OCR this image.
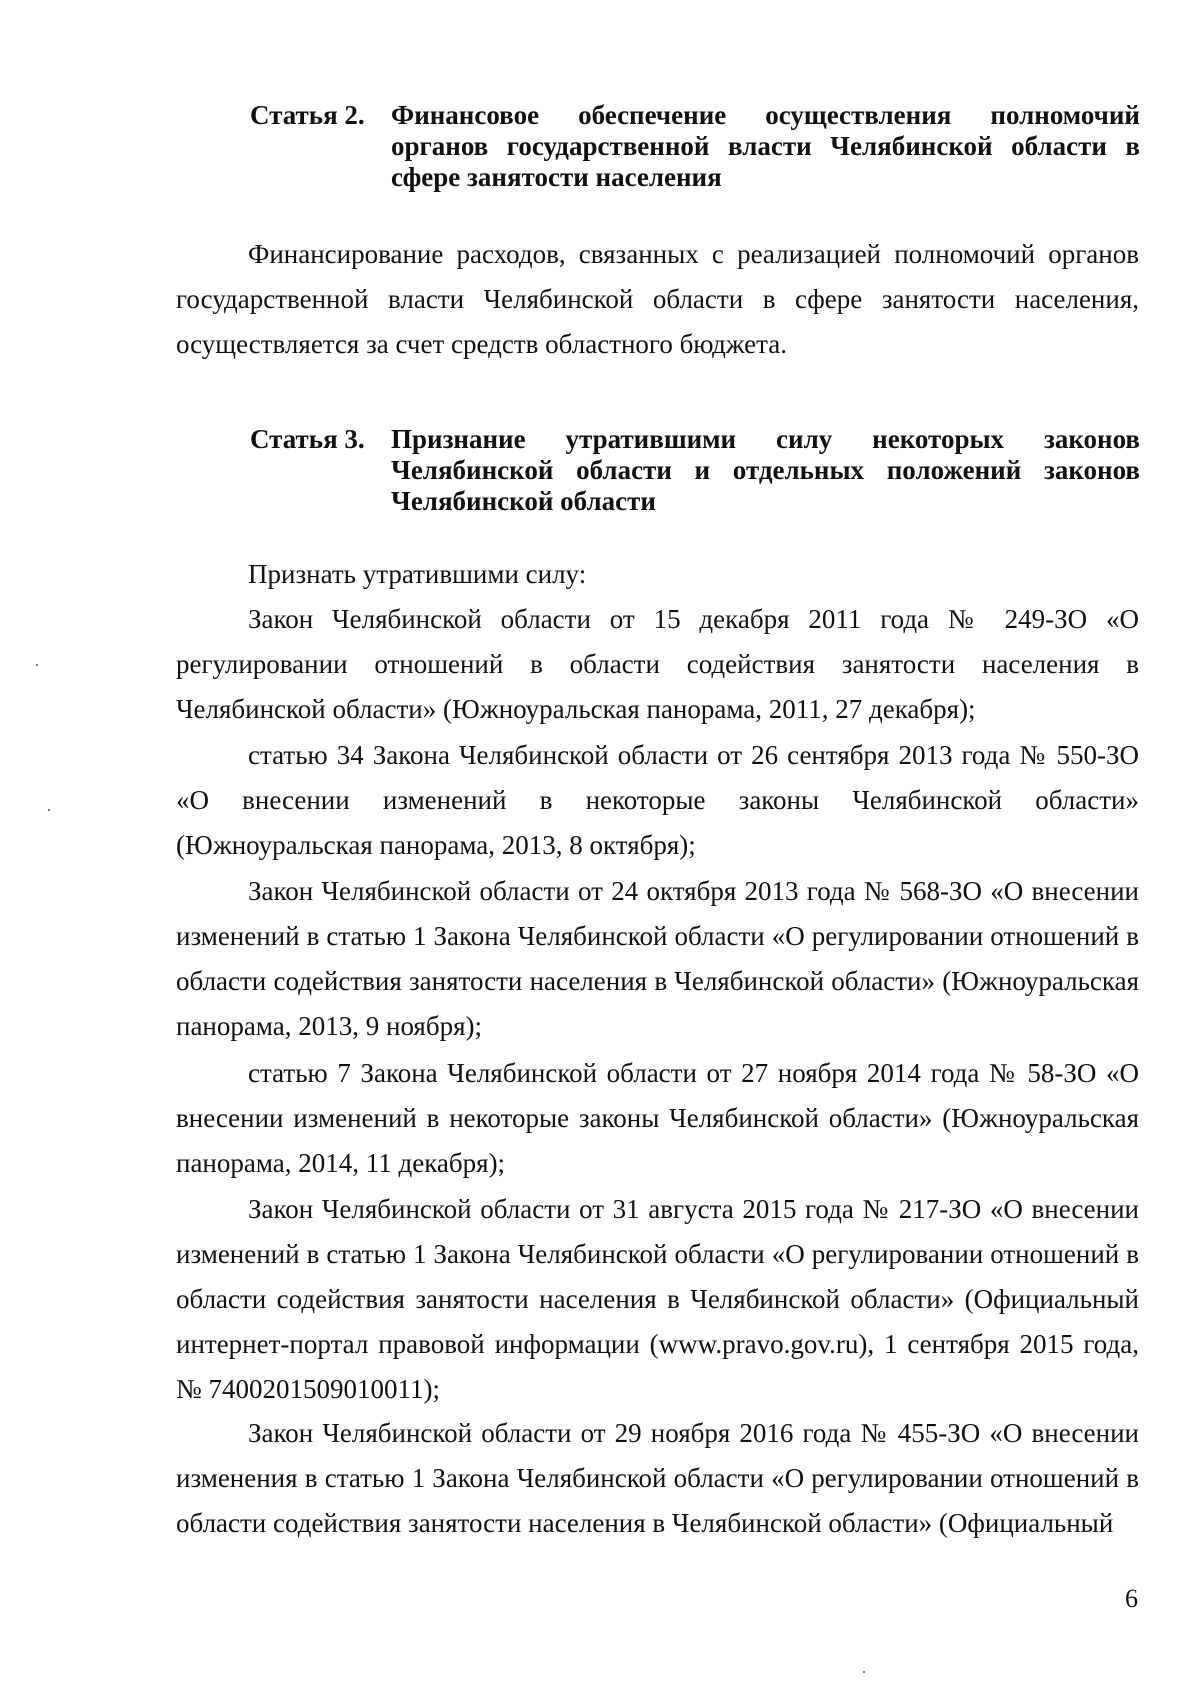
Статья 2. Финансовое обеспечение осуществления полномочий органов государственной власти Челябинской области в сфере занятости населения

Финансирование расходов, связанных с реализацией полномочий органов государственной власти Челябинской области в сфере занятости населения, осуществляется за счет средств областного бюджета.

Статья 3. Признание утратившими силу некоторых законов Челябинской области и отдельных положений законов Челябинской области

Признать утратившими силу:

Закон Челябинской области от 15 декабря 2011 года № 249-ЗО «О регулировании отношений в области содействия занятости населения в Челябинской области» (Южноуральская панорама, 2011, 27 декабря);

статью 34 Закона Челябинской области от 26 сентября 2013 года № 550-ЗО «О внесении изменений в некоторые законы Челябинской области» (Южноуральская панорама, 2013, 8 октября);

Закон Челябинской области от 24 октября 2013 года № 568-ЗО «О внесении изменений в статью 1 Закона Челябинской области «О регулировании отношений в области содействия занятости населения в Челябинской области» (Южноуральская панорама, 2013, 9 ноября);

статью 7 Закона Челябинской области от 27 ноября 2014 года № 58-ЗО «О внесении изменений в некоторые законы Челябинской области» (Южноуральская панорама, 2014, 11 декабря);

Закон Челябинской области от 31 августа 2015 года № 217-ЗО «О внесении изменений в статью 1 Закона Челябинской области «О регулировании отношений в области содействия занятости населения в Челябинской области» (Официальный интернет-портал правовой информации (www.pravo.gov.ru), 1 сентября 2015 года, № 7400201509010011);

Закон Челябинской области от 29 ноября 2016 года № 455-ЗО «О внесении изменения в статью 1 Закона Челябинской области «О регулировании отношений в области содействия занятости населения в Челябинской области» (Официальный

6
